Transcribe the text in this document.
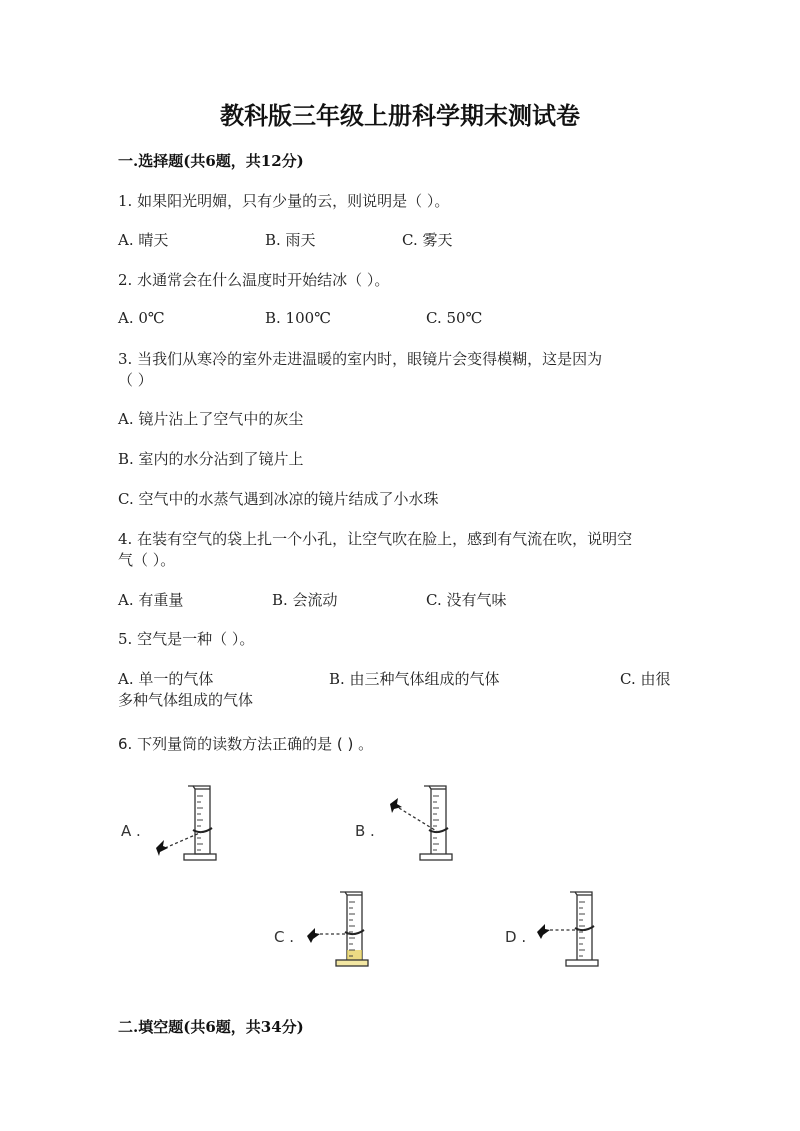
教科版三年级上册科学期末测试卷
一.选择题(共6题，共12分)
1. 如果阳光明媚，只有少量的云，则说明是（ ）。
A. 晴天	B. 雨天	C. 雾天
2. 水通常会在什么温度时开始结冰（ ）。
A. 0℃	B. 100℃	C. 50℃
3. 当我们从寒冷的室外走进温暖的室内时，眼镜片会变得模糊，这是因为
（ ）
A. 镜片沾上了空气中的灰尘
B. 室内的水分沾到了镜片上
C. 空气中的水蒸气遇到冰凉的镜片结成了小水珠
4. 在装有空气的袋上扎一个小孔，让空气吹在脸上，感到有气流在吹，说明空
气（ ）。
A. 有重量	B. 会流动	C. 没有气味
5. 空气是一种（ ）。
A. 单一的气体	B. 由三种气体组成的气体	C. 由很
多种气体组成的气体
6. 下列量筒的读数方法正确的是 ( ) 。
A .	B .
C .	D .
二.填空题(共6题，共34分)
